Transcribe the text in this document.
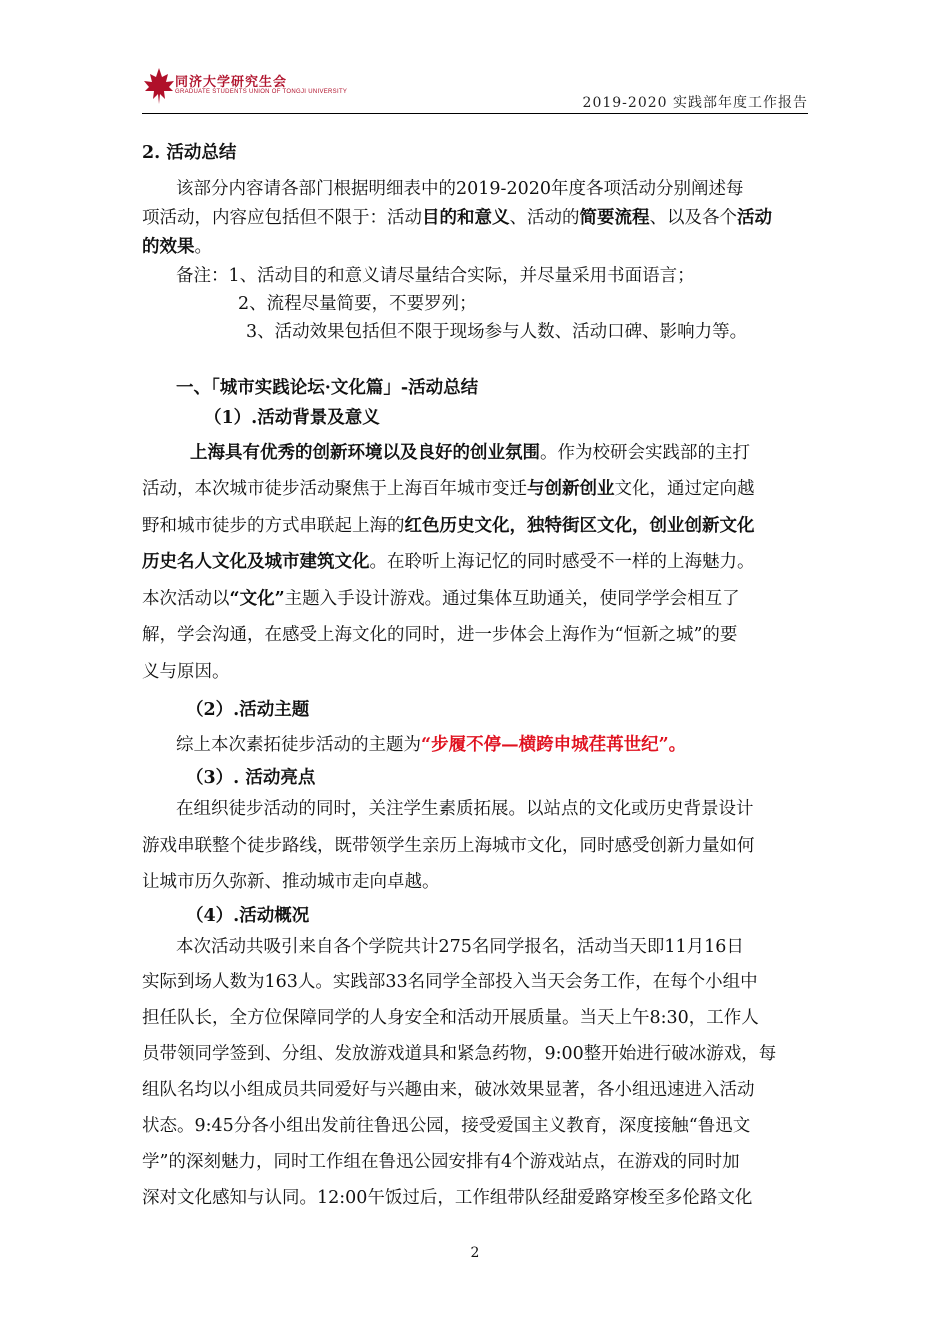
同济大学研究生会
GRADUATE STUDENTS UNION OF TONGJI UNIVERSITY
2019-2020 实践部年度工作报告
2. 活动总结
该部分内容请各部门根据明细表中的2019-2020年度各项活动分别阐述每
项活动，内容应包括但不限于：活动目的和意义、活动的简要流程、以及各个活动
的效果。
备注：1、活动目的和意义请尽量结合实际，并尽量采用书面语言；
2、流程尽量简要，不要罗列；
3、活动效果包括但不限于现场参与人数、活动口碑、影响力等。
一、「城市实践论坛·文化篇」-活动总结
（1）.活动背景及意义
上海具有优秀的创新环境以及良好的创业氛围。作为校研会实践部的主打
活动，本次城市徒步活动聚焦于上海百年城市变迁与创新创业文化，通过定向越
野和城市徒步的方式串联起上海的红色历史文化，独特街区文化，创业创新文化
历史名人文化及城市建筑文化。在聆听上海记忆的同时感受不一样的上海魅力。
本次活动以“文化”主题入手设计游戏。通过集体互助通关，使同学学会相互了
解，学会沟通，在感受上海文化的同时，进一步体会上海作为“恒新之城”的要
义与原因。
（2）.活动主题
综上本次素拓徒步活动的主题为“步履不停—横跨申城荏苒世纪”。
（3）. 活动亮点
在组织徒步活动的同时，关注学生素质拓展。以站点的文化或历史背景设计
游戏串联整个徒步路线，既带领学生亲历上海城市文化，同时感受创新力量如何
让城市历久弥新、推动城市走向卓越。
（4）.活动概况
本次活动共吸引来自各个学院共计275名同学报名，活动当天即11月16日
实际到场人数为163人。实践部33名同学全部投入当天会务工作，在每个小组中
担任队长，全方位保障同学的人身安全和活动开展质量。当天上午8:30，工作人
员带领同学签到、分组、发放游戏道具和紧急药物，9:00整开始进行破冰游戏，每
组队名均以小组成员共同爱好与兴趣由来，破冰效果显著，各小组迅速进入活动
状态。9:45分各小组出发前往鲁迅公园，接受爱国主义教育，深度接触“鲁迅文
学”的深刻魅力，同时工作组在鲁迅公园安排有4个游戏站点，在游戏的同时加
深对文化感知与认同。12:00午饭过后，工作组带队经甜爱路穿梭至多伦路文化
2
